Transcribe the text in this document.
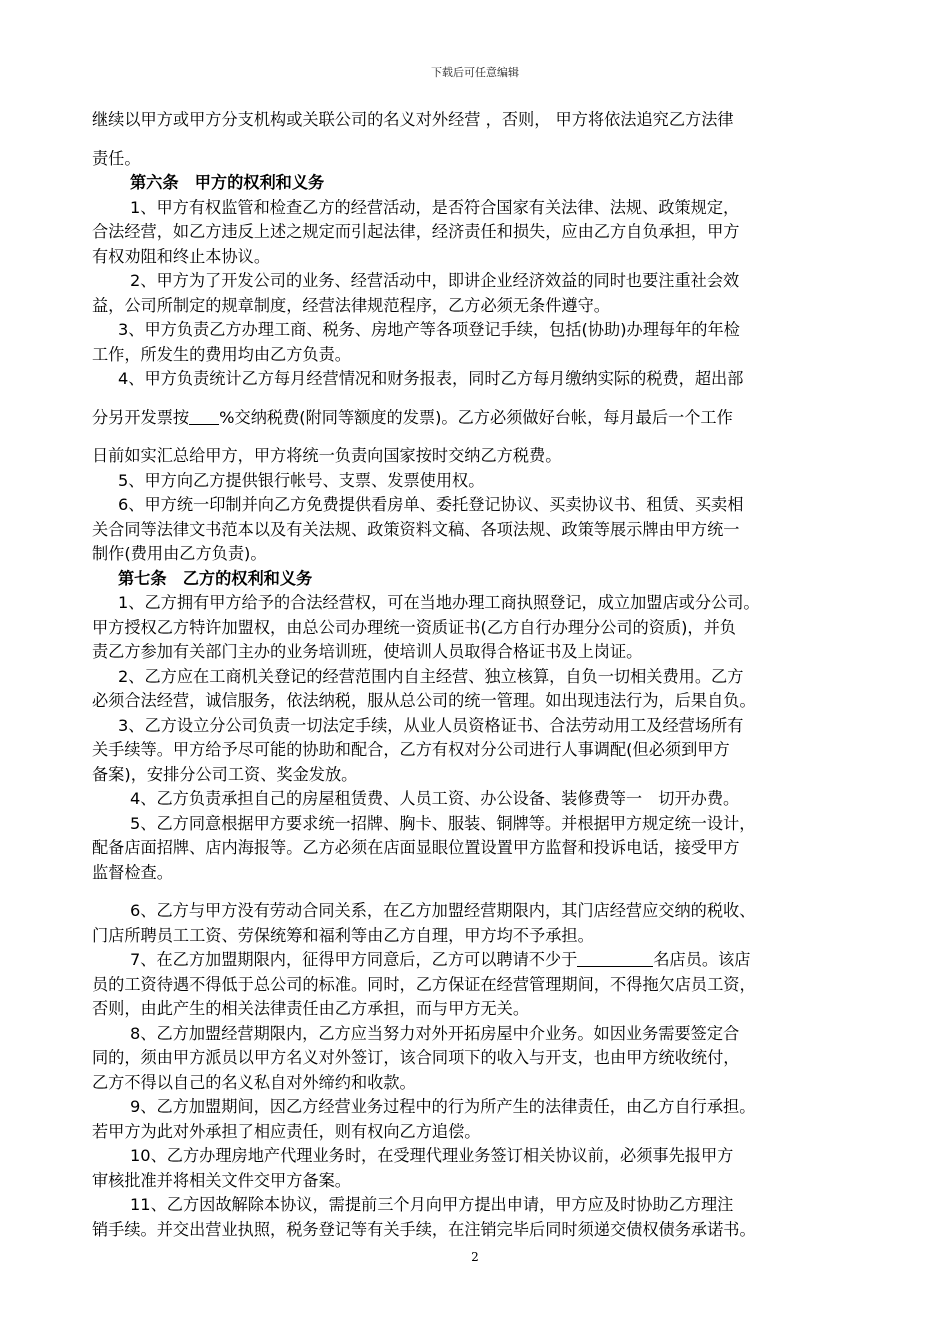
下载后可任意编辑
继续以甲方或甲方分支机构或关联公司的名义对外经营 ，否则， 甲方将依法追究乙方法律
责任。
第六条　甲方的权利和义务
1、甲方有权监管和检查乙方的经营活动，是否符合国家有关法律、法规、政策规定，
合法经营，如乙方违反上述之规定而引起法律，经济责任和损失，应由乙方自负承担，甲方
有权劝阻和终止本协议。
2、甲方为了开发公司的业务、经营活动中，即讲企业经济效益的同时也要注重社会效
益，公司所制定的规章制度，经营法律规范程序，乙方必须无条件遵守。
3、甲方负责乙方办理工商、税务、房地产等各项登记手续，包括(协助)办理每年的年检
工作，所发生的费用均由乙方负责。
4、甲方负责统计乙方每月经营情况和财务报表，同时乙方每月缴纳实际的税费，超出部
分另开发票按 %交纳税费(附同等额度的发票)。乙方必须做好台帐，每月最后一个工作
日前如实汇总给甲方，甲方将统一负责向国家按时交纳乙方税费。
5、甲方向乙方提供银行帐号、支票、发票使用权。
6、甲方统一印制并向乙方免费提供看房单、委托登记协议、买卖协议书、租赁、买卖相
关合同等法律文书范本以及有关法规、政策资料文稿、各项法规、政策等展示牌由甲方统一
制作(费用由乙方负责)。
第七条　乙方的权利和义务
1、乙方拥有甲方给予的合法经营权，可在当地办理工商执照登记，成立加盟店或分公司。
甲方授权乙方特许加盟权，由总公司办理统一资质证书(乙方自行办理分公司的资质)，并负
责乙方参加有关部门主办的业务培训班，使培训人员取得合格证书及上岗证。
2、乙方应在工商机关登记的经营范围内自主经营、独立核算，自负一切相关费用。乙方
必须合法经营，诚信服务，依法纳税，服从总公司的统一管理。如出现违法行为，后果自负。
3、乙方设立分公司负责一切法定手续，从业人员资格证书、合法劳动用工及经营场所有
关手续等。甲方给予尽可能的协助和配合，乙方有权对分公司进行人事调配(但必须到甲方
备案)，安排分公司工资、奖金发放。
4、乙方负责承担自己的房屋租赁费、人员工资、办公设备、装修费等一　切开办费。
5、乙方同意根据甲方要求统一招牌、胸卡、服装、铜牌等。并根据甲方规定统一设计，
配备店面招牌、店内海报等。乙方必须在店面显眼位置设置甲方监督和投诉电话，接受甲方
监督检查。
6、乙方与甲方没有劳动合同关系，在乙方加盟经营期限内，其门店经营应交纳的税收、
门店所聘员工工资、劳保统筹和福利等由乙方自理，甲方均不予承担。
7、在乙方加盟期限内，征得甲方同意后，乙方可以聘请不少于	名店员。该店
员的工资待遇不得低于总公司的标准。同时，乙方保证在经营管理期间，不得拖欠店员工资，
否则，由此产生的相关法律责任由乙方承担，而与甲方无关。
8、乙方加盟经营期限内，乙方应当努力对外开拓房屋中介业务。如因业务需要签定合
同的，须由甲方派员以甲方名义对外签订，该合同项下的收入与开支，也由甲方统收统付，
乙方不得以自己的名义私自对外缔约和收款。
9、乙方加盟期间，因乙方经营业务过程中的行为所产生的法律责任，由乙方自行承担。
若甲方为此对外承担了相应责任，则有权向乙方追偿。
10、乙方办理房地产代理业务时，在受理代理业务签订相关协议前，必须事先报甲方
审核批准并将相关文件交甲方备案。
11、乙方因故解除本协议，需提前三个月向甲方提出申请，甲方应及时协助乙方理注
销手续。并交出营业执照，税务登记等有关手续，在注销完毕后同时须递交债权债务承诺书。
2
